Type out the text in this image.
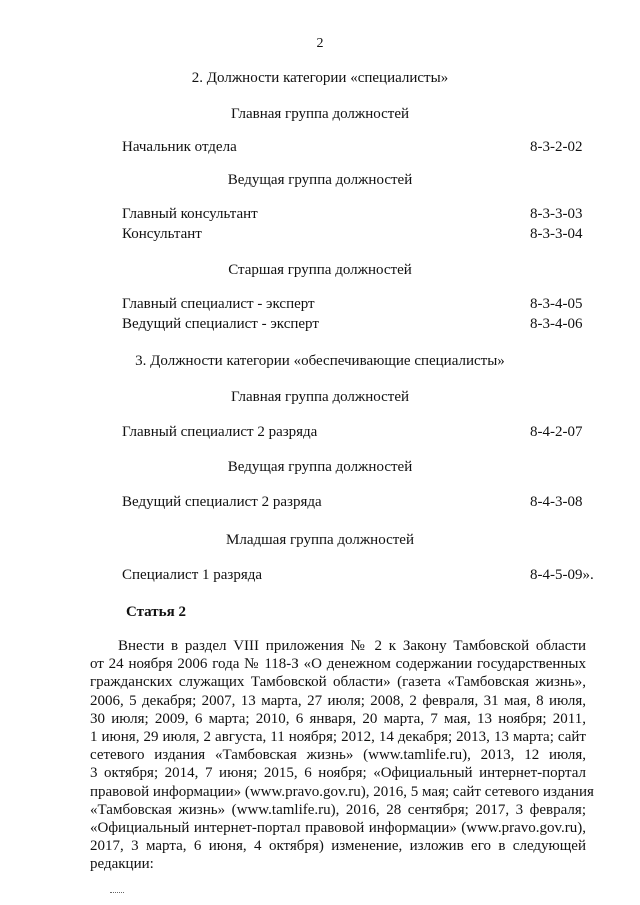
2
2. Должности категории «специалисты»
Главная группа должностей
Начальник отдела	8-3-2-02
Ведущая группа должностей
Главный консультант	8-3-3-03
Консультант	8-3-3-04
Старшая группа должностей
Главный специалист - эксперт	8-3-4-05
Ведущий специалист - эксперт	8-3-4-06
3. Должности категории «обеспечивающие специалисты»
Главная группа должностей
Главный специалист 2 разряда	8-4-2-07
Ведущая группа должностей
Ведущий специалист 2 разряда	8-4-3-08
Младшая группа должностей
Специалист 1 разряда	8-4-5-09».
Статья 2
Внести в раздел VIII приложения № 2 к Закону Тамбовской области
от 24 ноября 2006 года № 118-З «О денежном содержании государственных
гражданских служащих Тамбовской области» (газета «Тамбовская жизнь»,
2006, 5 декабря; 2007, 13 марта, 27 июля; 2008, 2 февраля, 31 мая, 8 июля,
30 июля; 2009, 6 марта; 2010, 6 января, 20 марта, 7 мая, 13 ноября; 2011,
1 июня, 29 июля, 2 августа, 11 ноября; 2012, 14 декабря; 2013, 13 марта; сайт
сетевого издания «Тамбовская жизнь» (www.tamlife.ru), 2013, 12 июля,
3 октября; 2014, 7 июня; 2015, 6 ноября; «Официальный интернет-портал
правовой информации» (www.pravo.gov.ru), 2016, 5 мая; сайт сетевого издания
«Тамбовская жизнь» (www.tamlife.ru), 2016, 28 сентября; 2017, 3 февраля;
«Официальный интернет-портал правовой информации» (www.pravo.gov.ru),
2017, 3 марта, 6 июня, 4 октября) изменение, изложив его в следующей
редакции:
